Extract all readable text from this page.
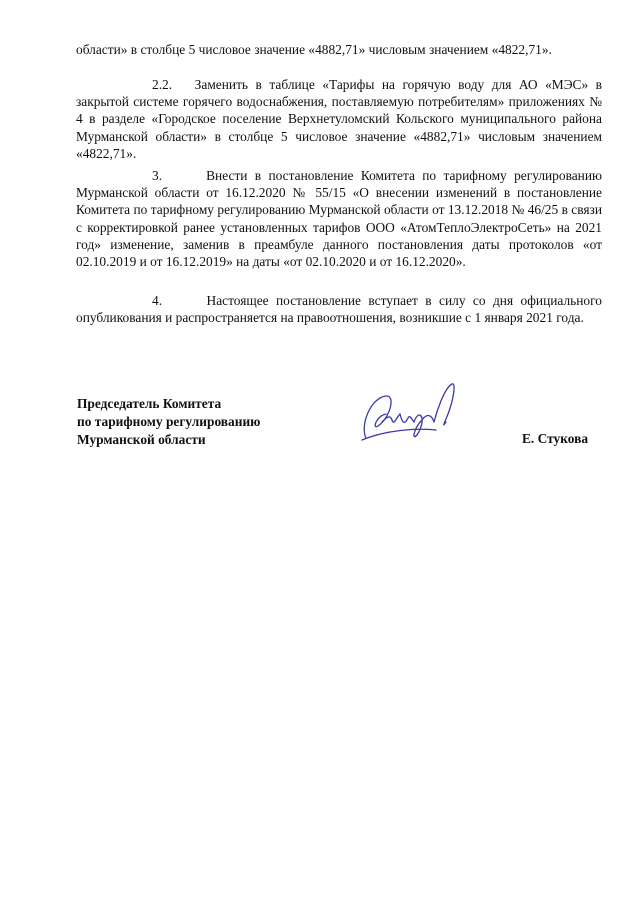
области» в столбце 5 числовое значение «4882,71» числовым значением «4822,71».

2.2. Заменить в таблице «Тарифы на горячую воду для АО «МЭС» в закрытой системе горячего водоснабжения, поставляемую потребителям» приложениях № 4 в разделе «Городское поселение Верхнетуломский Кольского муниципального района Мурманской области» в столбце 5 числовое значение «4882,71» числовым значением «4822,71».

3.	Внести в постановление Комитета по тарифному регулированию Мурманской области от 16.12.2020 № 55/15 «О внесении изменений в постановление Комитета по тарифному регулированию Мурманской области от 13.12.2018 № 46/25 в связи с корректировкой ранее установленных тарифов ООО «АтомТеплоЭлектроСеть» на 2021 год» изменение, заменив в преамбуле данного постановления даты протоколов «от 02.10.2019 и от 16.12.2019» на даты «от 02.10.2020 и от 16.12.2020».

4.	Настоящее постановление вступает в силу со дня официального опубликования и распространяется на правоотношения, возникшие с 1 января 2021 года.

Председатель Комитета
по тарифному регулированию
Мурманской области	Е. Стукова
